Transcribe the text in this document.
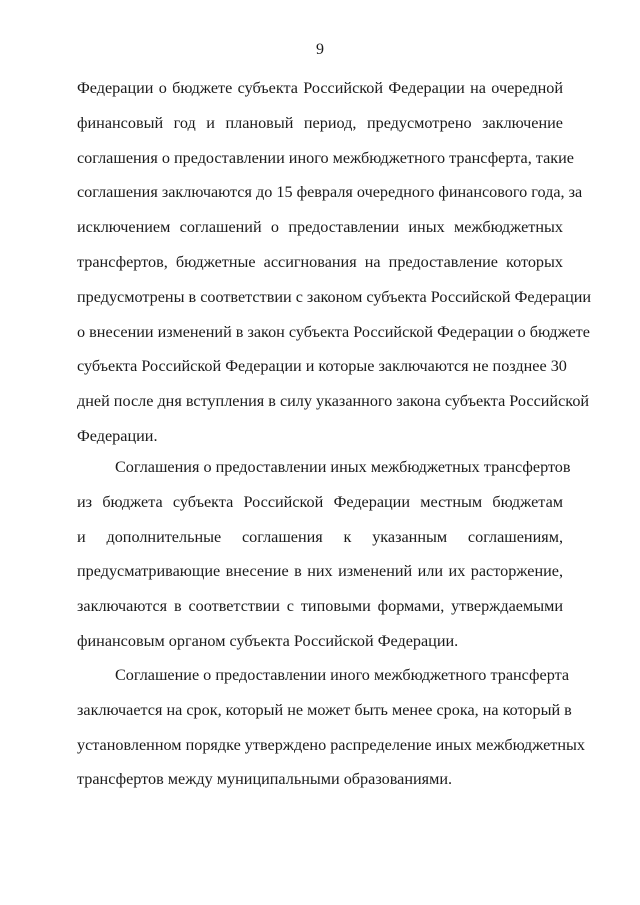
9
Федерации о бюджете субъекта Российской Федерации на очередной
финансовый год и плановый период, предусмотрено заключение
соглашения о предоставлении иного межбюджетного трансферта, такие
соглашения заключаются до 15 февраля очередного финансового года, за
исключением соглашений о предоставлении иных межбюджетных
трансфертов, бюджетные ассигнования на предоставление которых
предусмотрены в соответствии с законом субъекта Российской Федерации
о внесении изменений в закон субъекта Российской Федерации о бюджете
субъекта Российской Федерации и которые заключаются не позднее 30
дней после дня вступления в силу указанного закона субъекта Российской
Федерации.
Соглашения о предоставлении иных межбюджетных трансфертов
из бюджета субъекта Российской Федерации местным бюджетам
и дополнительные соглашения к указанным соглашениям,
предусматривающие внесение в них изменений или их расторжение,
заключаются в соответствии с типовыми формами, утверждаемыми
финансовым органом субъекта Российской Федерации.
Соглашение о предоставлении иного межбюджетного трансферта
заключается на срок, который не может быть менее срока, на который в
установленном порядке утверждено распределение иных межбюджетных
трансфертов между муниципальными образованиями.
